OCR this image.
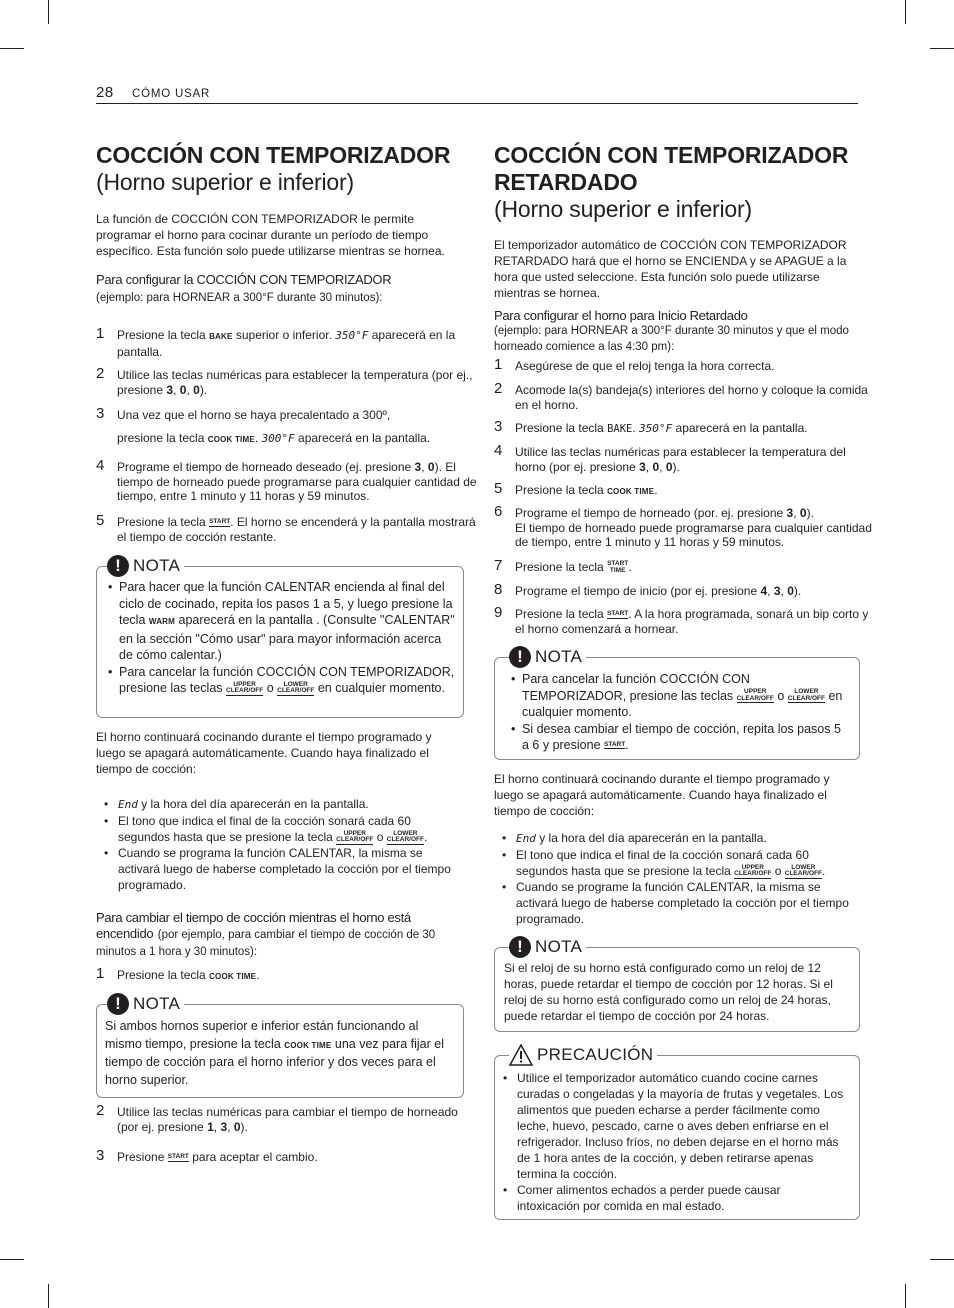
28 CÓMO USAR
COCCIÓN CON TEMPORIZADOR
(Horno superior e inferior)
La función de COCCIÓN CON TEMPORIZADOR le permite programar el horno para cocinar durante un período de tiempo específico. Esta función solo puede utilizarse mientras se hornea.
Para configurar la COCCIÓN CON TEMPORIZADOR
(ejemplo: para HORNEAR a 300°F durante 30 minutos):
1 Presione la tecla BAKE superior o inferior. 350°F aparecerá en la pantalla.
2 Utilice las teclas numéricas para establecer la temperatura (por ej., presione 3, 0, 0).
3 Una vez que el horno se haya precalentado a 300º,
presione la tecla COOK TIME. 300°F aparecerá en la pantalla.
4 Programe el tiempo de horneado deseado (ej. presione 3, 0). El tiempo de horneado puede programarse para cualquier cantidad de tiempo, entre 1 minuto y 11 horas y 59 minutos.
5 Presione la tecla START. El horno se encenderá y la pantalla mostrará el tiempo de cocción restante.
! NOTA
• Para hacer que la función CALENTAR encienda al final del ciclo de cocinado, repita los pasos 1 a 5, y luego presione la tecla WARM aparecerá en la pantalla . (Consulte "CALENTAR" en la sección "Cómo usar" para mayor información acerca de cómo calentar.)
• Para cancelar la función COCCIÓN CON TEMPORIZADOR, presione las teclas UPPER
CLEAR/OFF o LOWER
CLEAR/OFF en cualquier momento.
El horno continuará cocinando durante el tiempo programado y luego se apagará automáticamente. Cuando haya finalizado el tiempo de cocción:
• End y la hora del día aparecerán en la pantalla.
• El tono que indica el final de la cocción sonará cada 60 segundos hasta que se presione la tecla UPPER
CLEAR/OFF o LOWER
CLEAR/OFF.
• Cuando se programa la función CALENTAR, la misma se activará luego de haberse completado la cocción por el tiempo programado.
Para cambiar el tiempo de cocción mientras el horno está encendido (por ejemplo, para cambiar el tiempo de cocción de 30 minutos a 1 hora y 30 minutos):
1 Presione la tecla COOK TIME.
! NOTA
Si ambos hornos superior e inferior están funcionando al mismo tiempo, presione la tecla COOK TIME una vez para fijar el tiempo de cocción para el horno inferior y dos veces para el horno superior.
2 Utilice las teclas numéricas para cambiar el tiempo de horneado (por ej. presione 1, 3, 0).
3 Presione START para aceptar el cambio.
COCCIÓN CON TEMPORIZADOR RETARDADO
(Horno superior e inferior)
El temporizador automático de COCCIÓN CON TEMPORIZADOR RETARDADO hará que el horno se ENCIENDA y se APAGUE a la hora que usted seleccione. Esta función solo puede utilizarse mientras se hornea.
Para configurar el horno para Inicio Retardado
(ejemplo: para HORNEAR a 300°F durante 30 minutos y que el modo horneado comience a las 4:30 pm):
1 Asegúrese de que el reloj tenga la hora correcta.
2 Acomode la(s) bandeja(s) interiores del horno y coloque la comida en el horno.
3 Presione la tecla BAKE. 350°F aparecerá en la pantalla.
4 Utilice las teclas numéricas para establecer la temperatura del horno (por ej. presione 3, 0, 0).
5 Presione la tecla COOK TIME.
6 Programe el tiempo de horneado (por. ej. presione 3, 0).
El tiempo de horneado puede programarse para cualquier cantidad de tiempo, entre 1 minuto y 11 horas y 59 minutos.
7 Presione la tecla START
TIME .
8 Programe el tiempo de inicio (por ej. presione 4, 3, 0).
9 Presione la tecla START. A la hora programada, sonará un bip corto y el horno comenzará a hornear.
! NOTA
• Para cancelar la función COCCIÓN CON TEMPORIZADOR, presione las teclas UPPER
CLEAR/OFF o LOWER
CLEAR/OFF en cualquier momento.
• Si desea cambiar el tiempo de cocción, repita los pasos 5 a 6 y presione START.
El horno continuará cocinando durante el tiempo programado y luego se apagará automáticamente. Cuando haya finalizado el tiempo de cocción:
• End y la hora del día aparecerán en la pantalla.
• El tono que indica el final de la cocción sonará cada 60 segundos hasta que se presione la tecla UPPER
CLEAR/OFF o LOWER
CLEAR/OFF.
• Cuando se programe la función CALENTAR, la misma se activará luego de haberse completado la cocción por el tiempo programado.
! NOTA
Si el reloj de su horno está configurado como un reloj de 12 horas, puede retardar el tiempo de cocción por 12 horas. Si el reloj de su horno está configurado como un reloj de 24 horas, puede retardar el tiempo de cocción por 24 horas.
PRECAUCIÓN
• Utilice el temporizador automático cuando cocine carnes curadas o congeladas y la mayoría de frutas y vegetales. Los alimentos que pueden echarse a perder fácilmente como leche, huevo, pescado, carne o aves deben enfriarse en el refrigerador. Incluso fríos, no deben dejarse en el horno más de 1 hora antes de la cocción, y deben retirarse apenas termina la cocción.
• Comer alimentos echados a perder puede causar intoxicación por comida en mal estado.
